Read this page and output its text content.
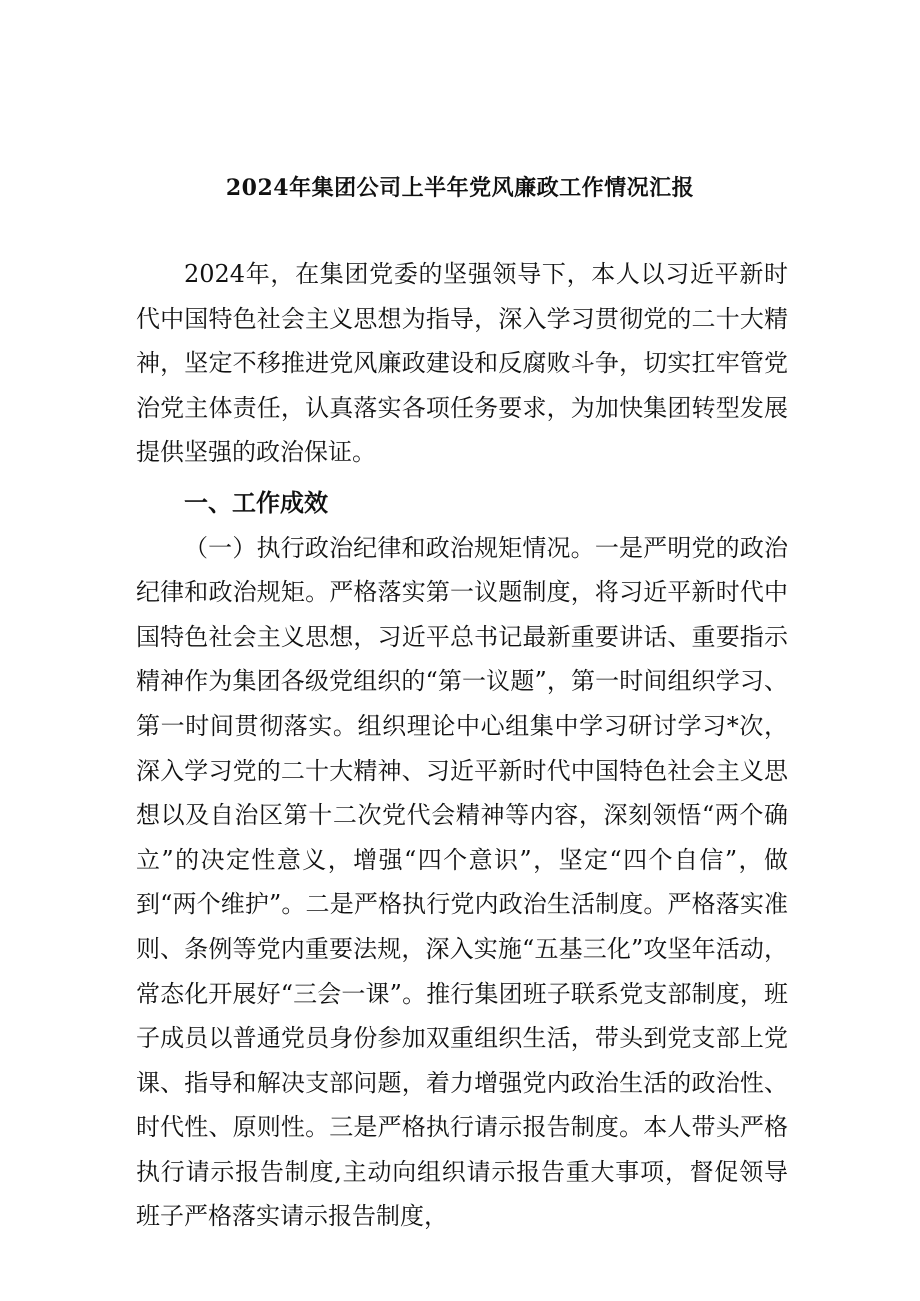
2024年集团公司上半年党风廉政工作情况汇报

2024年，在集团党委的坚强领导下，本人以习近平新时代中国特色社会主义思想为指导，深入学习贯彻党的二十大精神，坚定不移推进党风廉政建设和反腐败斗争，切实扛牢管党治党主体责任，认真落实各项任务要求，为加快集团转型发展提供坚强的政治保证。

一、工作成效

（一）执行政治纪律和政治规矩情况。一是严明党的政治纪律和政治规矩。严格落实第一议题制度，将习近平新时代中国特色社会主义思想，习近平总书记最新重要讲话、重要指示精神作为集团各级党组织的“第一议题”，第一时间组织学习、第一时间贯彻落实。组织理论中心组集中学习研讨学习*次，深入学习党的二十大精神、习近平新时代中国特色社会主义思想以及自治区第十二次党代会精神等内容，深刻领悟“两个确立”的决定性意义，增强“四个意识”，坚定“四个自信”，做到“两个维护”。二是严格执行党内政治生活制度。严格落实准则、条例等党内重要法规，深入实施“五基三化”攻坚年活动，常态化开展好“三会一课”。推行集团班子联系党支部制度，班子成员以普通党员身份参加双重组织生活，带头到党支部上党课、指导和解决支部问题，着力增强党内政治生活的政治性、时代性、原则性。三是严格执行请示报告制度。本人带头严格执行请示报告制度,主动向组织请示报告重大事项，督促领导班子严格落实请示报告制度，
